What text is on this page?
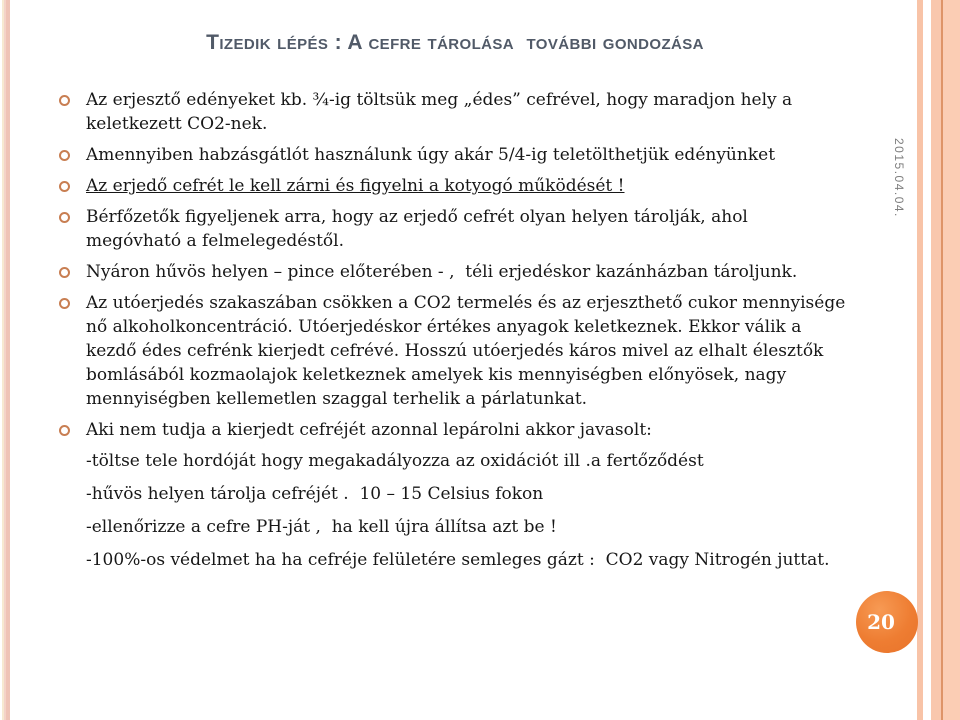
Tizedik lépés : A cefre tárolása  további gondozása
Az erjesztő edényeket kb. ¾-ig töltsük meg „édes” cefrével, hogy maradjon hely a keletkezett CO2-nek.
Amennyiben habzásgátlót használunk úgy akár 5/4-ig teletölthetjük edényünket
Az erjedő cefrét le kell zárni és figyelni a kotyogó működését !
Bérfőzetők figyeljenek arra, hogy az erjedő cefrét olyan helyen tárolják, ahol megóvható a felmelegedéstől.
Nyáron hűvös helyen – pince előterében - ,  téli erjedéskor kazánházban tároljunk.
Az utóerjedés szakaszában csökken a CO2 termelés és az erjeszthető cukor mennyisége nő alkoholkoncentráció. Utóerjedéskor értékes anyagok keletkeznek. Ekkor válik a kezdő édes cefrénk kierjedt cefrévé. Hosszú utóerjedés káros mivel az elhalt élesztők bomlásából kozmaolajok keletkeznek amelyek kis mennyiségben előnyösek, nagy mennyiségben kellemetlen szaggal terhelik a párlatunkat.
Aki nem tudja a kierjedt cefréjét azonnal lepárolni akkor javasolt:
-töltse tele hordóját hogy megakadályozza az oxidációt ill .a fertőződést
-hűvös helyen tárolja cefréjét .  10 – 15 Celsius fokon
-ellenőrizze a cefre PH-ját ,  ha kell újra állítsa azt be !
-100%-os védelmet ha ha cefréje felületére semleges gázt :  CO2 vagy Nitrogén juttat.
2015.04.04.
20
